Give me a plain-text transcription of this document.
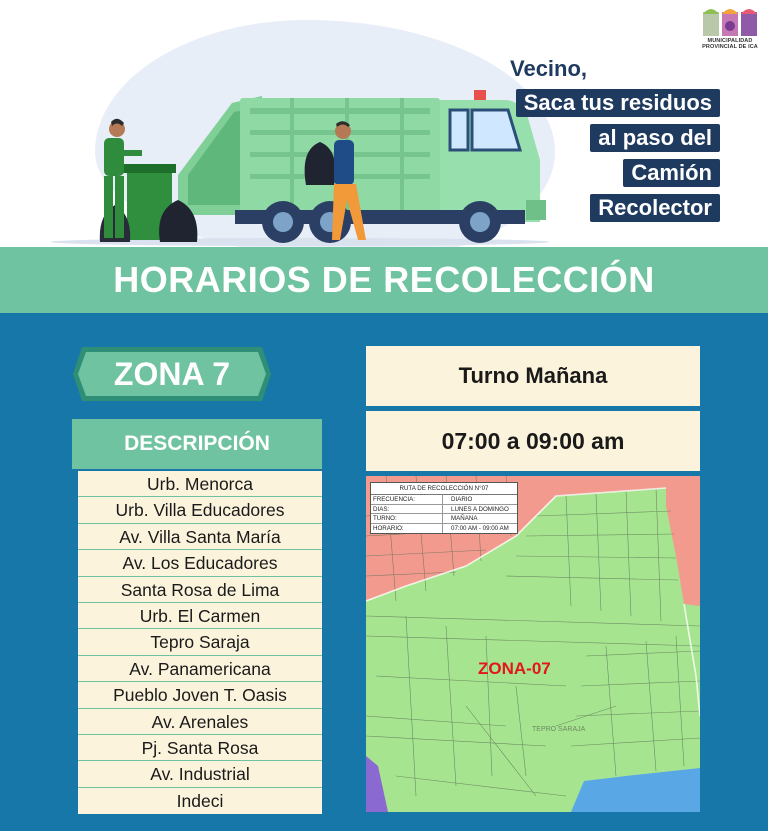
MUNICIPALIDAD
PROVINCIAL DE ICA
Vecino,
Saca tus residuos
al paso del
Camión
Recolector
HORARIOS DE RECOLECCIÓN
ZONA 7
DESCRIPCIÓN
Urb. Menorca
Urb. Villa Educadores
Av. Villa Santa María
Av. Los Educadores
Santa Rosa de Lima
Urb. El Carmen
Tepro Saraja
Av. Panamericana
Pueblo Joven T. Oasis
Av. Arenales
Pj. Santa Rosa
Av. Industrial
Indeci
Turno Mañana
07:00 a 09:00 am
RUTA DE RECOLECCIÓN N°07
FRECUENCIA:	DIARIO
DIAS:	LUNES A DOMINGO
TURNO:	MAÑANA
HORARIO:	07:00 AM - 09:00 AM
ZONA-07
TEPRO SARAJA
